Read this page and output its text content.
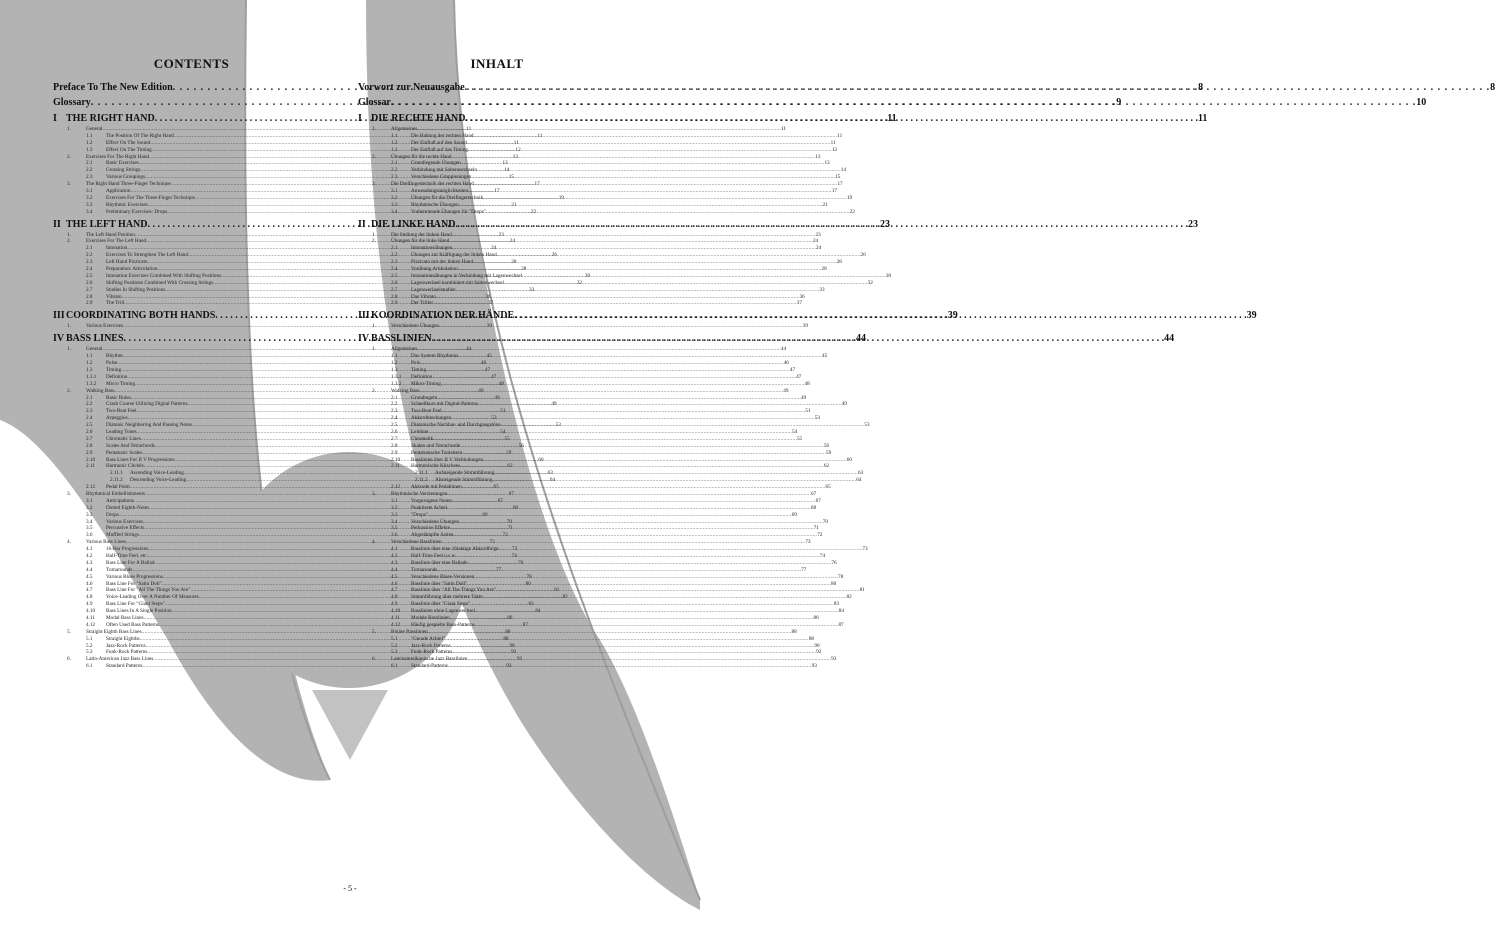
CONTENTS
Preface To The New Edition . . .	8
Glossary . . .	9
I THE RIGHT HAND . . .	11
1.	General .....	11
1.1	The Position Of The Right Hand .....	11
1.2	Effect On The Sound .....	11
1.3	Effect On The Timing .....	12
2.	Exercises For The Right Hand .....	13
2.1	Basic Exercises .....	13
2.2	Crossing Strings .....	14
2.3	Various Groupings .....	15
3.	The Right Hand Three-Finger Technique .....	17
3.1	Application .....	17
3.2	Exercises For The Three-Finger Technique .....	19
3.3	Rhythmic Exercises .....	21
3.4	Preliminary Exercises: Drops .....	22
II THE LEFT HAND . . .	23
1.	The Left Hand Position .....	23
2.	Exercises For The Left Hand .....	24
2.1	Intonation .....	24
2.2	Exercises To Strengthen The Left Hand .....	26
2.3	Left Hand Pizzicato .....	28
2.4	Preparation: Articulation .....	28
2.5	Intonation Exercises Combined With Shifting Positions .....	30
2.6	Shifting Positions Combined With Crossing Strings .....	32
2.7	Studies In Shifting Positions .....	33
2.8	Vibrato .....	36
2.9	The Trill .....	37
III COORDINATING BOTH HANDS . . .	39
1.	Various Exercises .....	39
IV BASS LINES . . .	44
1.	General .....	44
1.1	Rhythm .....	45
1.2	Pulse .....	46
1.3	Timing .....	47
1.3.1	Definition .....	47
1.3.2	Micro Timing .....	48
2.	Walking Bass .....	49
2.1	Basic Rules .....	49
2.2	Crash Course Utilizing Digital Patterns .....	49
2.3	Two-Beat Feel .....	51
2.4	Arpeggios .....	53
2.5	Diatonic Neighboring And Passing Notes .....	53
2.6	Leading Tones .....	54
2.7	Chromatic Lines .....	55
2.8	Scales And Tetrachords .....	56
2.9	Pentatonic Scales .....	59
2.10	Bass Lines For II V Progressions .....	60
2.11	Harmonic Clichés .....	62
2.11.1	Ascending Voice-Leading .....	63
2.11.2	Descending Voice-Leading .....	64
2.12	Pedal Point .....	65
3.	Rhythmical Embellishments .....	67
3.1	Anticipations .....	67
3.2	Dotted Eighth-Notes .....	68
3.3	Drops .....	69
3.4	Various Exercises .....	70
3.5	Percussive Effects .....	71
3.6	Muffled Strings .....	72
4.	Various Bass Lines .....	73
4.1	16-Bar Progressions .....	73
4.2	Half-Time Feel, etc. .....	74
4.3	Bass Line For A Ballad .....	76
4.4	Turnarounds .....	77
4.5	Various Blues Progressions .....	78
4.6	Bass Line For "Satin Doll" .....	80
4.7	Bass Line For "All The Things You Are" .....	81
4.8	Voice-Leading Over A Number Of Measures .....	82
4.9	Bass Line For "Giant Steps" .....	83
4.10	Bass Lines In A Single Position .....	84
4.11	Modal Bass Lines .....	86
4.12	Often Used Bass Patterns .....	87
5.	Straight Eighth Bass Lines .....	88
5.1	Straight Eighths .....	88
5.2	Jazz-Rock Patterns .....	90
5.3	Funk-Rock Patterns .....	92
6.	Latin-American Jazz Bass Lines .....	93
6.1	Standard Patterns .....	93
INHALT
Vorwort zur Neuausgabe . . .	8
Glossar . . .	10
I DIE RECHTE HAND . . .	11
1.	Allgemeines .....	11
1.1	Die Haltung der rechten Hand .....	11
1.2	Der Einfluß auf den Sound .....	11
1.3	Der Einfluß auf das Timing .....	12
2.	Übungen für die rechte Hand .....	13
2.1	Grundlegende Übungen .....	13
2.2	Verbindung mit Saitenwechseln .....	14
2.3	Verschiedene Gruppierungen .....	15
3.	Die Dreifingertechnik der rechten Hand .....	17
3.1	Anwendungsmöglichkeiten .....	17
3.2	Übungen für die Dreifingertechnik .....	19
3.3	Rhythmische Übungen .....	21
3.4	Vorbereitende Übungen für "Drops" .....	22
II DIE LINKE HAND . . .	23
1.	Die Stellung der linken Hand .....	23
2.	Übungen für die linke Hand .....	24
2.1	Intonationsübungen .....	24
2.2	Übungen zur Kräftigung der linken Hand .....	26
2.3	Pizzicato mit der linken Hand .....	28
2.4	Vorübung Artikulation .....	28
2.5	Intonationsübungen in Verbindung mit Lagenwechsel .....	30
2.6	Lagenwechsel kombiniert mit Saitenwechsel .....	32
2.7	Lagenwechselstudien .....	33
2.8	Das Vibrato .....	36
2.9	Der Triller .....	37
III KOORDINATION DER HÄNDE . . .	39
1.	Verschiedene Übungen .....	39
IV BASSLINIEN . . .	44
1.	Allgemeines .....	44
1.1	Das System Rhythmus .....	45
1.2	Puls .....	46
1.3	Timing .....	47
1.3.1	Definition .....	47
1.3.2	Mikro-Timing .....	48
2.	Walking Bass .....	49
2.1	Grundregeln .....	49
2.2	Schnellkurs mit Digital-Patterns .....	49
2.3	Two-Beat Feel .....	51
2.4	Akkordbrechungen .....	53
2.5	Diatonische Nachbar- und Durchgangstöne .....	53
2.6	Leittöne .....	54
2.7	Chromatik .....	55
2.8	Skalen und Tetrachorde .....	56
2.9	Pentatonische Tonleitern .....	59
2.10	Basslinien über II V Verbindungen .....	60
2.11	Harmonische Klischees .....	62
2.11.1	Aufsteigende Stimmführung .....	63
2.11.2	Absteigende Stimmführung .....	64
2.12	Akkorde mit Pedaltönen .....	65
3.	Rhythmische Verzierungen .....	67
3.1	Vorgezogene Noten .....	67
3.2	Punktierte Achtel .....	68
3.3	"Drops" .....	69
3.4	Verschiedene Übungen .....	70
3.5	Perkussive Effekte .....	71
3.6	Abgedämpfte Saiten .....	72
4.	Verschiedene Basslinien .....	73
4.1	Basslinie über eine 16taktige Akkordfolge .....	73
4.2	Half-Time Feel u.s.w. .....	74
4.3	Basslinie über eine Ballade .....	76
4.4	Turnarounds .....	77
4.5	Verschiedene Blues-Versionen .....	78
4.6	Basslinie über "Satin Doll" .....	80
4.7	Basslinie über "All The Things You Are" .....	81
4.8	Stimmführung über mehrere Takte .....	82
4.9	Basslinie über "Giant Steps" .....	83
4.10	Basslinien ohne Lagenwechsel .....	84
4.11	Modale Basslinien .....	86
4.12	Häufig gespielte Bass-Patterns .....	87
5.	Binäre Basslinien .....	88
5.1	"Gerade Achtel" .....	88
5.2	Jazz-Rock Patterns .....	90
5.3	Funk-Rock Patterns .....	92
6.	Lateinamerikanische Jazz Basslinien .....	93
6.1	Standard-Patterns .....	93
- 5 -
